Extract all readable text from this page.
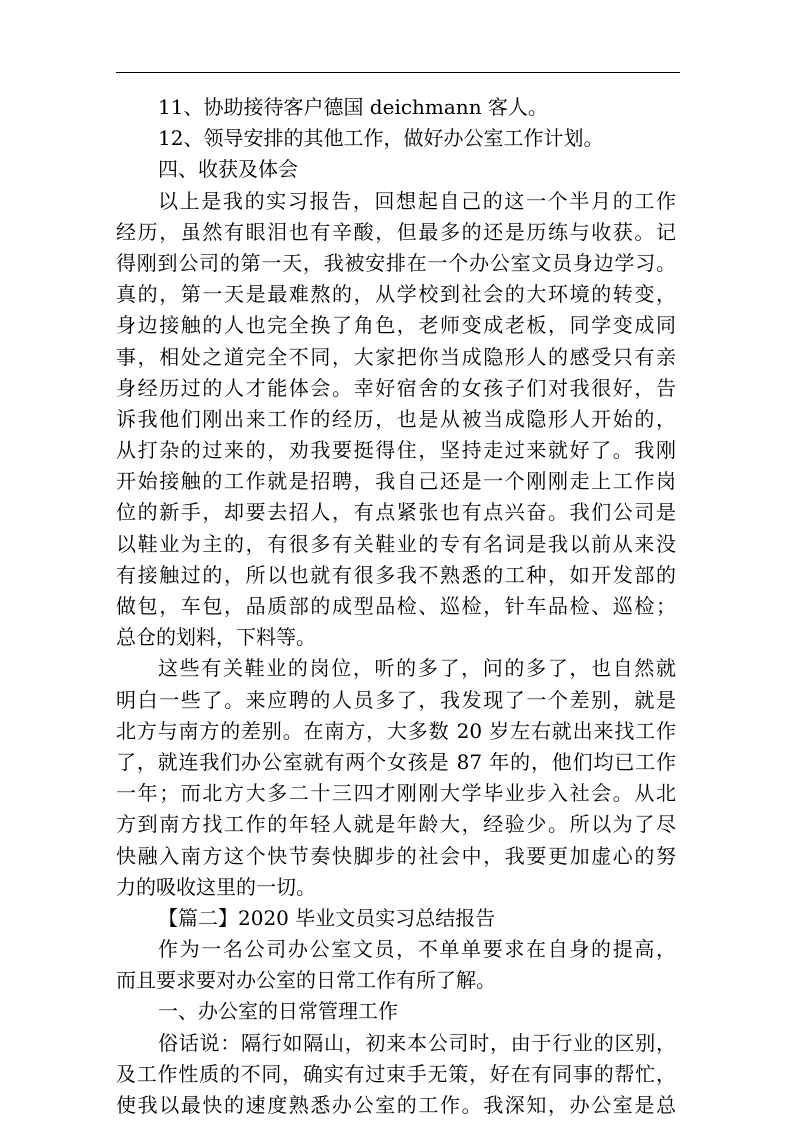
11、协助接待客户德国 deichmann 客人。
12、领导安排的其他工作，做好办公室工作计划。
四、收获及体会
以上是我的实习报告，回想起自己的这一个半月的工作
经历，虽然有眼泪也有辛酸，但最多的还是历练与收获。记
得刚到公司的第一天，我被安排在一个办公室文员身边学习。
真的，第一天是最难熬的，从学校到社会的大环境的转变，
身边接触的人也完全换了角色，老师变成老板，同学变成同
事，相处之道完全不同，大家把你当成隐形人的感受只有亲
身经历过的人才能体会。幸好宿舍的女孩子们对我很好，告
诉我他们刚出来工作的经历，也是从被当成隐形人开始的，
从打杂的过来的，劝我要挺得住，坚持走过来就好了。我刚
开始接触的工作就是招聘，我自己还是一个刚刚走上工作岗
位的新手，却要去招人，有点紧张也有点兴奋。我们公司是
以鞋业为主的，有很多有关鞋业的专有名词是我以前从来没
有接触过的，所以也就有很多我不熟悉的工种，如开发部的
做包，车包，品质部的成型品检、巡检，针车品检、巡检；
总仓的划料，下料等。
这些有关鞋业的岗位，听的多了，问的多了，也自然就
明白一些了。来应聘的人员多了，我发现了一个差别，就是
北方与南方的差别。在南方，大多数 20 岁左右就出来找工作
了，就连我们办公室就有两个女孩是 87 年的，他们均已工作
一年；而北方大多二十三四才刚刚大学毕业步入社会。从北
方到南方找工作的年轻人就是年龄大，经验少。所以为了尽
快融入南方这个快节奏快脚步的社会中，我要更加虚心的努
力的吸收这里的一切。
【篇二】2020 毕业文员实习总结报告
作为一名公司办公室文员，不单单要求在自身的提高，
而且要求要对办公室的日常工作有所了解。
一、办公室的日常管理工作
俗话说：隔行如隔山，初来本公司时，由于行业的区别，
及工作性质的不同，确实有过束手无策，好在有同事的帮忙，
使我以最快的速度熟悉办公室的工作。我深知，办公室是总
